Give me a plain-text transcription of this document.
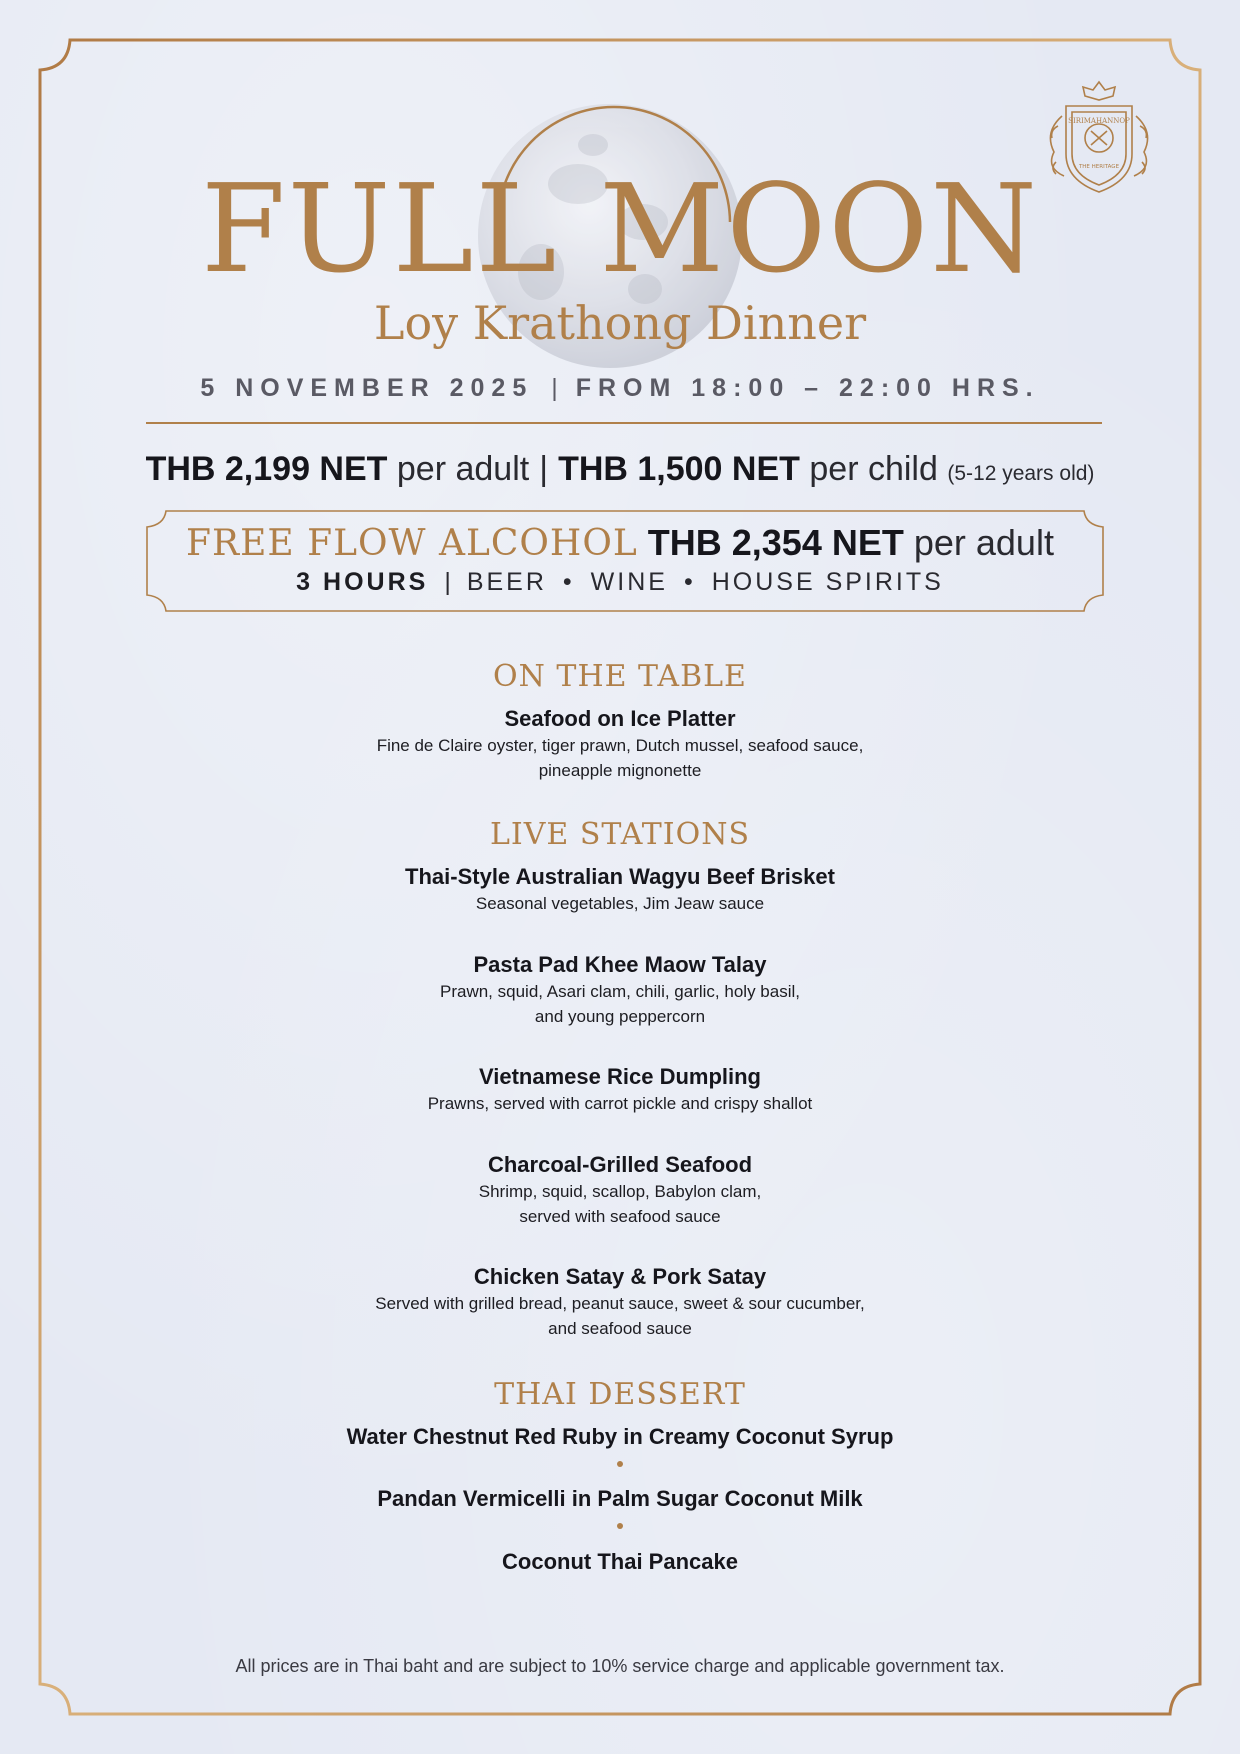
SIRIMAHANNOP
THE HERITAGE
FULL MOON
Loy Krathong Dinner
5 NOVEMBER 2025 | FROM 18:00 – 22:00 HRS.
THB 2,199 NET per adult | THB 1,500 NET per child (5-12 years old)
FREE FLOW ALCOHOL THB 2,354 NET per adult
3 HOURS | BEER • WINE • HOUSE SPIRITS
ON THE TABLE
Seafood on Ice Platter
Fine de Claire oyster, tiger prawn, Dutch mussel, seafood sauce,
pineapple mignonette
LIVE STATIONS
Thai-Style Australian Wagyu Beef Brisket
Seasonal vegetables, Jim Jeaw sauce
Pasta Pad Khee Maow Talay
Prawn, squid, Asari clam, chili, garlic, holy basil,
and young peppercorn
Vietnamese Rice Dumpling
Prawns, served with carrot pickle and crispy shallot
Charcoal-Grilled Seafood
Shrimp, squid, scallop, Babylon clam,
served with seafood sauce
Chicken Satay & Pork Satay
Served with grilled bread, peanut sauce, sweet & sour cucumber,
and seafood sauce
THAI DESSERT
Water Chestnut Red Ruby in Creamy Coconut Syrup
Pandan Vermicelli in Palm Sugar Coconut Milk
Coconut Thai Pancake
All prices are in Thai baht and are subject to 10% service charge and applicable government tax.
